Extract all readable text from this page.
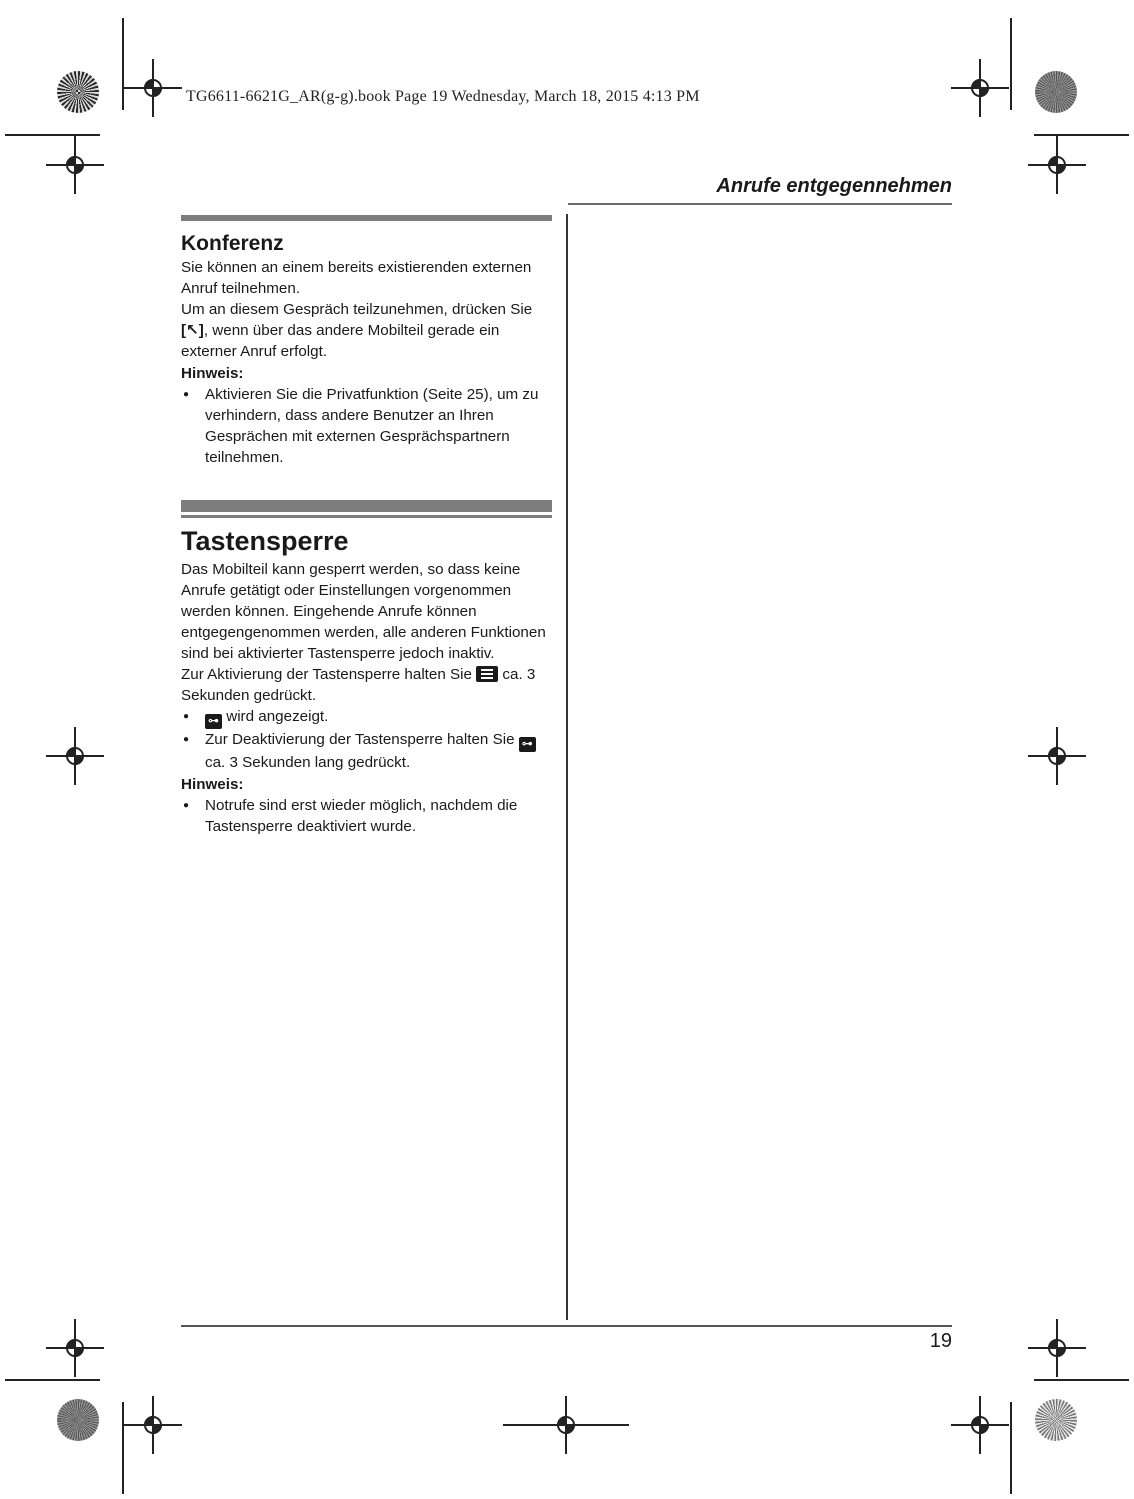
TG6611-6621G_AR(g-g).book Page 19 Wednesday, March 18, 2015 4:13 PM
Anrufe entgegennehmen
Konferenz

Sie können an einem bereits existierenden externen Anruf teilnehmen.

Um an diesem Gespräch teilzunehmen, drücken Sie [↖], wenn über das andere Mobilteil gerade ein externer Anruf erfolgt.

Hinweis:

● Aktivieren Sie die Privatfunktion (Seite 25), um zu verhindern, dass andere Benutzer an Ihren Gesprächen mit externen Gesprächspartnern teilnehmen.
Tastensperre

Das Mobilteil kann gesperrt werden, so dass keine Anrufe getätigt oder Einstellungen vorgenommen werden können. Eingehende Anrufe können entgegengenommen werden, alle anderen Funktionen sind bei aktivierter Tastensperre jedoch inaktiv.

Zur Aktivierung der Tastensperre halten Sie
ca. 3 Sekunden gedrückt.

● ⊶ wird angezeigt.
● Zur Deaktivierung der Tastensperre halten Sie ⊶ ca. 3 Sekunden lang gedrückt.

Hinweis:

● Notrufe sind erst wieder möglich, nachdem die Tastensperre deaktiviert wurde.
19
